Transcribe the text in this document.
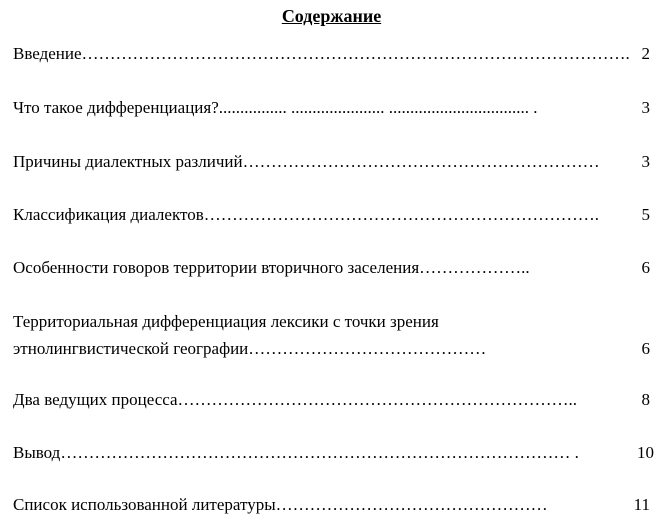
Содержание
Введение……………………………………………………………………………………. 2
Что такое дифференциация?................ ...................... ................................. .	3
Причины диалектных различий……………………………………………………… 3
Классификация диалектов…………………………………………………………….	5
Особенности говоров территории вторичного заселения………………..	6
Территориальная дифференциация лексики с точки зрения
этнолингвистической географии……………………………………	6
Два ведущих процесса……………………………………………………………..	8
Вывод……………………………………………………………………………… .	10
Список использованной литературы…………………………………………	11
